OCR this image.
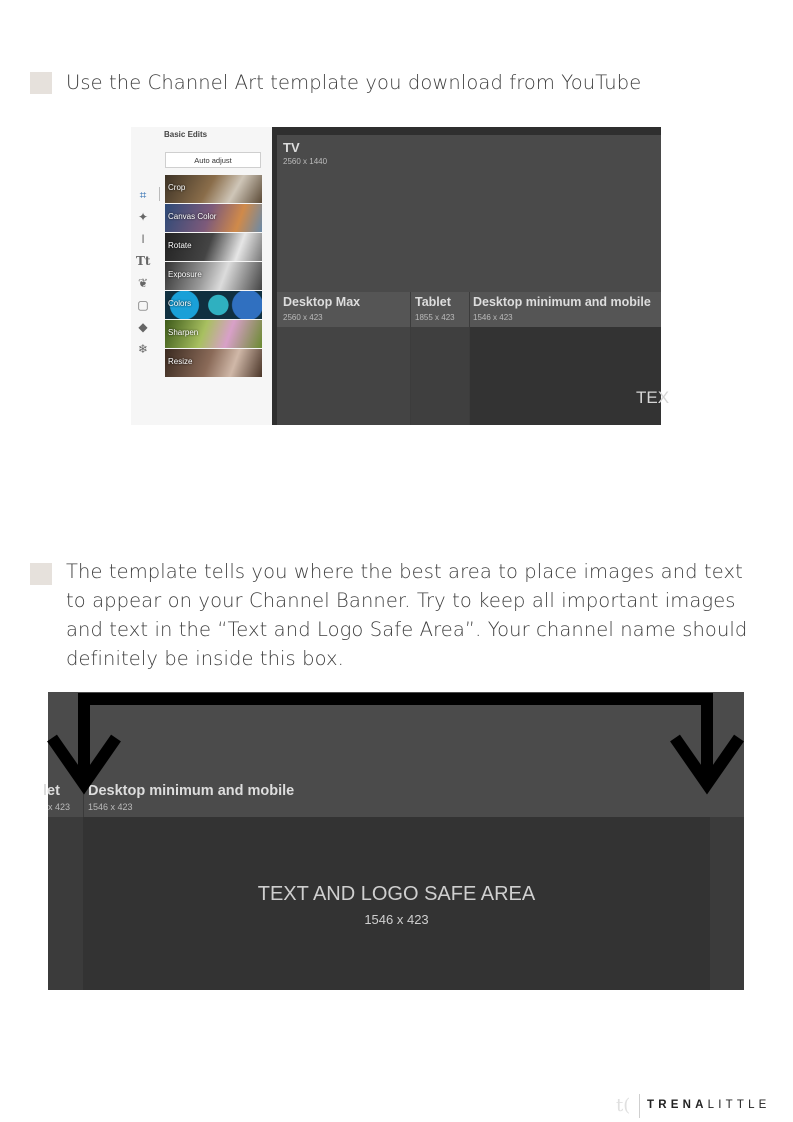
Use the Channel Art template you download from YouTube
Basic Edits
Auto adjust
⌗
✦
ǀ
Tt
❦
▢
◆
❄
Crop
Canvas Color
Rotate
Exposure
Colors
Sharpen
Resize
TV
2560 x 1440
Desktop Max
2560 x 423
Tablet
1855 x 423
Desktop minimum and mobile
1546 x 423
TEX
The template tells you where the best area to place images and text
to appear on your Channel Banner. Try to keep all important images
and text in the “Text and Logo Safe Area”. Your channel name should
definitely be inside this box.
let
x 423
Desktop minimum and mobile
1546 x 423
TEXT AND LOGO SAFE AREA
1546 x 423
t(	TRENALITTLE
